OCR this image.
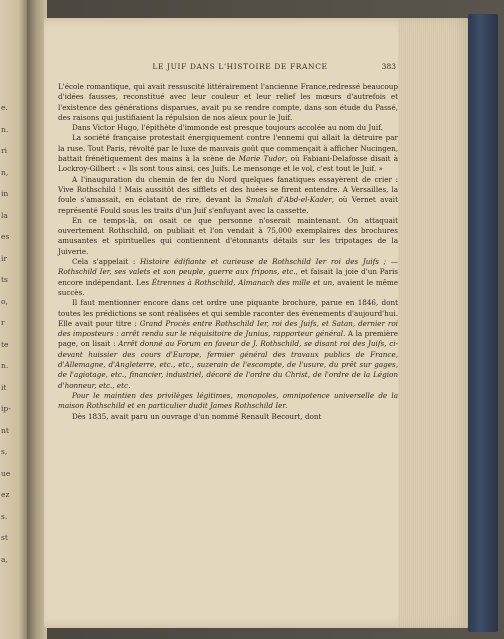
e.
n.
ri
n,
in
la
es
ir
ts
o,
r
te
n.
it
ip-
nt
s,
ue
ez
s.
st
a,
LE JUIF DANS L'HISTOIRE DE FRANCE	383

L'école romantique, qui avait ressuscité littérairement l'ancienne France,redressé beaucoup d'idées fausses, reconstitué avec leur couleur et leur relief les mœurs d'autrefois et l'existence des générations disparues, avait pu se rendre compte, dans son étude du Passé, des raisons qui justifiaient la répulsion de nos aïeux pour le Juif.

Dans Victor Hugo, l'épithète d'immonde est presque toujours accolée au nom du Juif.

La société française protestait énergiquement contre l'ennemi qui allait la détruire par la ruse. Tout Paris, révolté par le luxe de mauvais goût que commençait à afficher Nucingen, battait frénétiquement des mains à la scène de Marie Tudor, où Fabiani-Delafosse disait à Lockroy-Gilbert : « Ils sont tous ainsi, ces Juifs. Le mensonge et le vol, c'est tout le Juif. »

A l'inauguration du chemin de fer du Nord quelques fanatiques essayèrent de crier : Vive Rothschild ! Mais aussitôt des sifflets et des huées se firent entendre. A Versailles, la foule s'amassait, en éclatant de rire, devant la Smalah d'Abd-el-Kader, où Vernet avait représenté Fould sous les traits d'un Juif s'enfuyant avec la cassette.

En ce temps-là, on osait ce que personne n'oserait maintenant. On attaquait ouvertement Rothschild, on publiait et l'on vendait à 75,000 exemplaires des brochures amusantes et spirituelles qui contiennent d'étonnants détails sur les tripotages de la Juiverie.

Cela s'appelait : Histoire édifiante et curieuse de Rothschild Ier roi des Juifs ; — Rothschild Ier, ses valets et son peuple, guerre aux fripons, etc., et faisait la joie d'un Paris encore indépendant. Les Étrennes à Rothschild, Almanach des mille et un, avaient le même succès.

Il faut mentionner encore dans cet ordre une piquante brochure, parue en 1846, dont toutes les prédictions se sont réalisées et qui semble raconter des événements d'aujourd'hui. Elle avait pour titre : Grand Procès entre Rothschild Ier, roi des Juifs, et Satan, dernier roi des imposteurs : arrêt rendu sur le réquisitoire de Junius, rapporteur général. A la première page, on lisait : Arrêt donné au Forum en faveur de J. Rothschild, se disant roi des Juifs, ci-devant huissier des cours d'Europe, fermier général des travaux publics de France, d'Allemagne, d'Angleterre, etc., etc., suzerain de l'escompte, de l'usure, du prêt sur gages, de l'agiotage, etc., financier, industriel, décoré de l'ordre du Christ, de l'ordre de la Légion d'honneur, etc., etc.

Pour le maintien des privilèges légitimes, monopoles, omnipotence universelle de la maison Rothschild et en particulier dudit James Rothschild Ier.

Dès 1835, avait paru un ouvrage d'un nommé Renault Becourt, dont
